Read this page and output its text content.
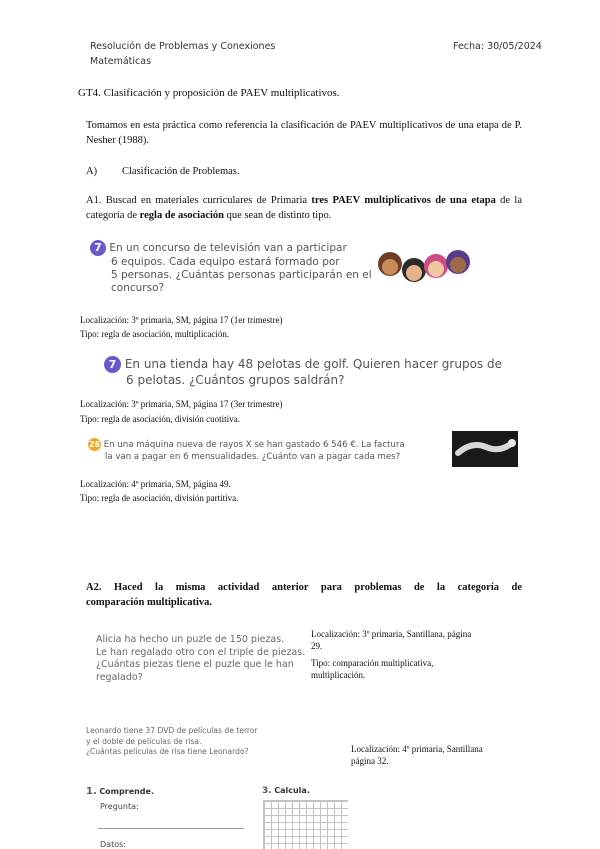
Resolución de Problemas y Conexiones
Matemáticas
Fecha: 30/05/2024
GT4. Clasificación y proposición de PAEV multiplicativos.
Tomamos en esta práctica como referencia la clasificación de PAEV multiplicativos de una etapa de P. Nesher (1988).
A) Clasificación de Problemas.
A1. Buscad en materiales curriculares de Primaria tres PAEV multiplicativos de una etapa de la categoría de regla de asociación que sean de distinto tipo.
7 En un concurso de televisión van a participar
6 equipos. Cada equipo estará formado por
5 personas. ¿Cuántas personas participarán en el
concurso?
Localización: 3º primaria, SM, página 17 (1er trimestre)
Tipo: regla de asociación, multiplicación.
7 En una tienda hay 48 pelotas de golf. Quieren hacer grupos de
6 pelotas. ¿Cuántos grupos saldrán?
Localización: 3º primaria, SM, página 17 (3er trimestre)
Tipo: regla de asociación, división cuotitiva.
26 En una máquina nueva de rayos X se han gastado 6 546 €. La factura
la van a pagar en 6 mensualidades. ¿Cuánto van a pagar cada mes?
Localización: 4º primaria, SM, página 49.
Tipo: regla de asociación, división partitiva.
A2. Haced la misma actividad anterior para problemas de la categoría de
comparación multiplicativa.
Alicia ha hecho un puzle de 150 piezas.
Le han regalado otro con el triple de piezas.
¿Cuántas piezas tiene el puzle que le han
regalado?
Localización: 3º primaria, Santillana, página
29.
Tipo: comparación multiplicativa,
multiplicación.
Leonardo tiene 37 DVD de películas de terror
y el doble de películas de risa.
¿Cuántas películas de risa tiene Leonardo?	Localización: 4º primaria, Santillana
página 32.
1. Comprende.
Pregunta:
Datos:
3. Calcula.
